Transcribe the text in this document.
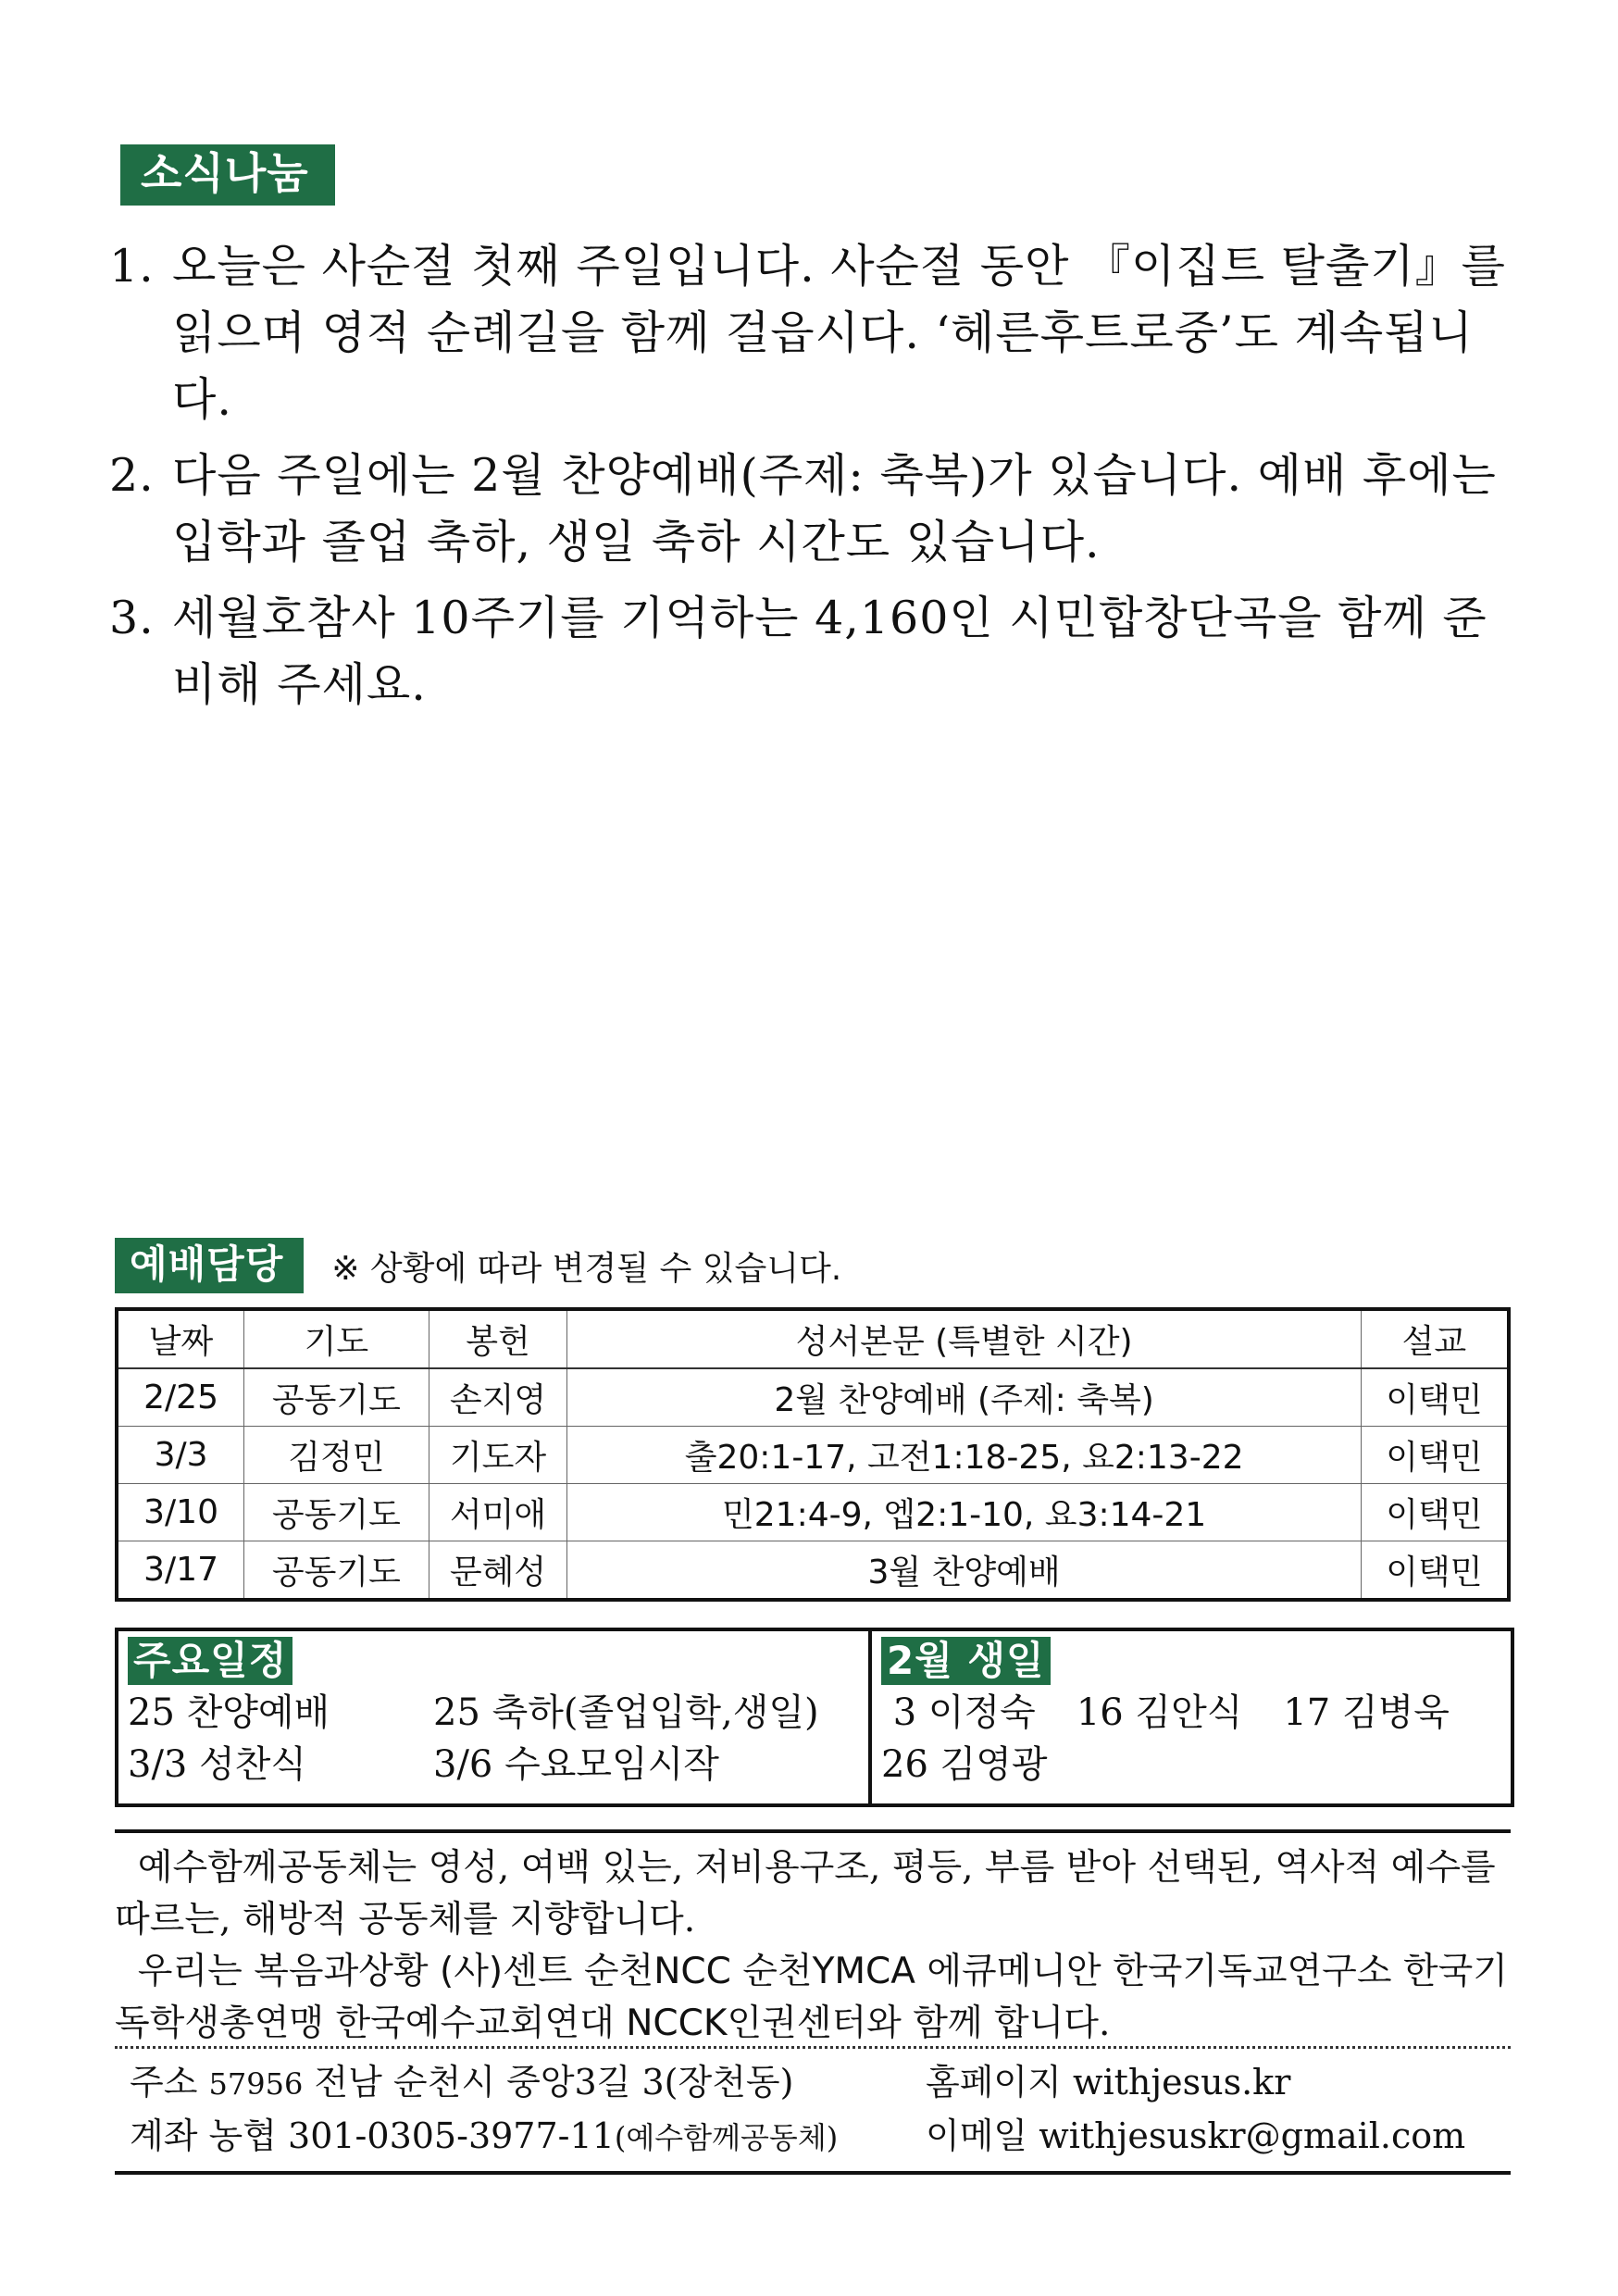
소식나눔
1. 오늘은 사순절 첫째 주일입니다. 사순절 동안 『이집트 탈출기』를 읽으며 영적 순례길을 함께 걸읍시다. ‘헤른후트로중’도 계속됩니다.
2. 다음 주일에는 2월 찬양예배(주제: 축복)가 있습니다. 예배 후에는 입학과 졸업 축하, 생일 축하 시간도 있습니다.
3. 세월호참사 10주기를 기억하는 4,160인 시민합창단곡을 함께 준비해 주세요.
예배담당	※ 상황에 따라 변경될 수 있습니다.
날짜	기도	봉헌	성서본문 (특별한 시간)	설교
2/25	공동기도	손지영	2월 찬양예배 (주제: 축복)	이택민
3/3	김정민	기도자	출20:1-17, 고전1:18-25, 요2:13-22	이택민
3/10	공동기도	서미애	민21:4-9, 엡2:1-10, 요3:14-21	이택민
3/17	공동기도	문혜성	3월 찬양예배	이택민
주요일정
25 찬양예배	25 축하(졸업입학,생일)
3/3 성찬식	3/6 수요모임시작
2월 생일
3 이정숙 16 김안식 17 김병욱
26 김영광

예수함께공동체는 영성, 여백 있는, 저비용구조, 평등, 부름 받아 선택된, 역사적 예수를 따르는, 해방적 공동체를 지향합니다.

우리는 복음과상황 (사)센트 순천NCC 순천YMCA 에큐메니안 한국기독교연구소 한국기독학생총연맹 한국예수교회연대 NCCK인권센터와 함께 합니다.

주소 57956 전남 순천시 중앙3길 3(장천동)	홈페이지 withjesus.kr
계좌 농협 301-0305-3977-11(예수함께공동체)	이메일 withjesuskr@gmail.com
